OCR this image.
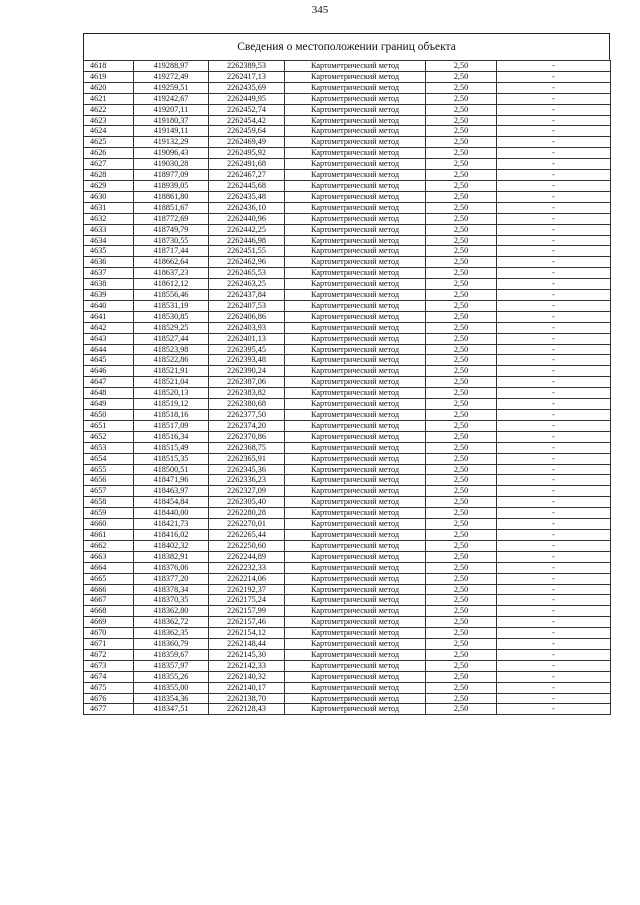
345
Сведения о местоположении границ объекта
4618	419288,97	2262389,53	Картометрический метод	2,50	-
4619	419272,49	2262417,13	Картометрический метод	2,50	-
4620	419259,51	2262435,69	Картометрический метод	2,50	-
4621	419242,67	2262449,95	Картометрический метод	2,50	-
4622	419207,11	2262452,74	Картометрический метод	2,50	-
4623	419180,37	2262454,42	Картометрический метод	2,50	-
4624	419149,11	2262459,64	Картометрический метод	2,50	-
4625	419132,29	2262469,49	Картометрический метод	2,50	-
4626	419096,43	2262495,92	Картометрический метод	2,50	-
4627	419030,28	2262491,68	Картометрический метод	2,50	-
4628	418977,09	2262467,27	Картометрический метод	2,50	-
4629	418939,05	2262445,68	Картометрический метод	2,50	-
4630	418861,80	2262435,48	Картометрический метод	2,50	-
4631	418851,67	2262436,10	Картометрический метод	2,50	-
4632	418772,69	2262440,96	Картометрический метод	2,50	-
4633	418749,79	2262442,25	Картометрический метод	2,50	-
4634	418730,55	2262446,98	Картометрический метод	2,50	-
4635	418717,44	2262451,55	Картометрический метод	2,50	-
4636	418662,64	2262462,96	Картометрический метод	2,50	-
4637	418637,23	2262465,53	Картометрический метод	2,50	-
4638	418612,12	2262463,25	Картометрический метод	2,50	-
4639	418556,46	2262437,84	Картометрический метод	2,50	-
4640	418531,19	2262407,53	Картометрический метод	2,50	-
4641	418530,85	2262406,86	Картометрический метод	2,50	-
4642	418529,25	2262403,93	Картометрический метод	2,50	-
4643	418527,44	2262401,13	Картометрический метод	2,50	-
4644	418523,98	2262395,45	Картометрический метод	2,50	-
4645	418522,86	2262393,48	Картометрический метод	2,50	-
4646	418521,91	2262390,24	Картометрический метод	2,50	-
4647	418521,04	2262387,06	Картометрический метод	2,50	-
4648	418520,13	2262383,82	Картометрический метод	2,50	-
4649	418519,12	2262380,68	Картометрический метод	2,50	-
4650	418518,16	2262377,50	Картометрический метод	2,50	-
4651	418517,09	2262374,20	Картометрический метод	2,50	-
4652	418516,34	2262370,86	Картометрический метод	2,50	-
4653	418515,49	2262368,75	Картометрический метод	2,50	-
4654	418515,35	2262365,91	Картометрический метод	2,50	-
4655	418500,51	2262345,36	Картометрический метод	2,50	-
4656	418471,96	2262336,23	Картометрический метод	2,50	-
4657	418463,97	2262327,09	Картометрический метод	2,50	-
4658	418454,84	2262305,40	Картометрический метод	2,50	-
4659	418440,00	2262280,28	Картометрический метод	2,50	-
4660	418421,73	2262270,01	Картометрический метод	2,50	-
4661	418416,02	2262265,44	Картометрический метод	2,50	-
4662	418402,32	2262250,60	Картометрический метод	2,50	-
4663	418382,91	2262244,89	Картометрический метод	2,50	-
4664	418376,06	2262232,33	Картометрический метод	2,50	-
4665	418377,20	2262214,06	Картометрический метод	2,50	-
4666	418378,34	2262192,37	Картометрический метод	2,50	-
4667	418370,35	2262175,24	Картометрический метод	2,50	-
4668	418362,80	2262157,99	Картометрический метод	2,50	-
4669	418362,72	2262157,46	Картометрический метод	2,50	-
4670	418362,35	2262154,12	Картометрический метод	2,50	-
4671	418360,79	2262148,44	Картометрический метод	2,50	-
4672	418359,67	2262145,30	Картометрический метод	2,50	-
4673	418357,97	2262142,33	Картометрический метод	2,50	-
4674	418355,26	2262140,32	Картометрический метод	2,50	-
4675	418355,00	2262140,17	Картометрический метод	2,50	-
4676	418354,36	2262138,70	Картометрический метод	2,50	-
4677	418347,51	2262128,43	Картометрический метод	2,50	-
